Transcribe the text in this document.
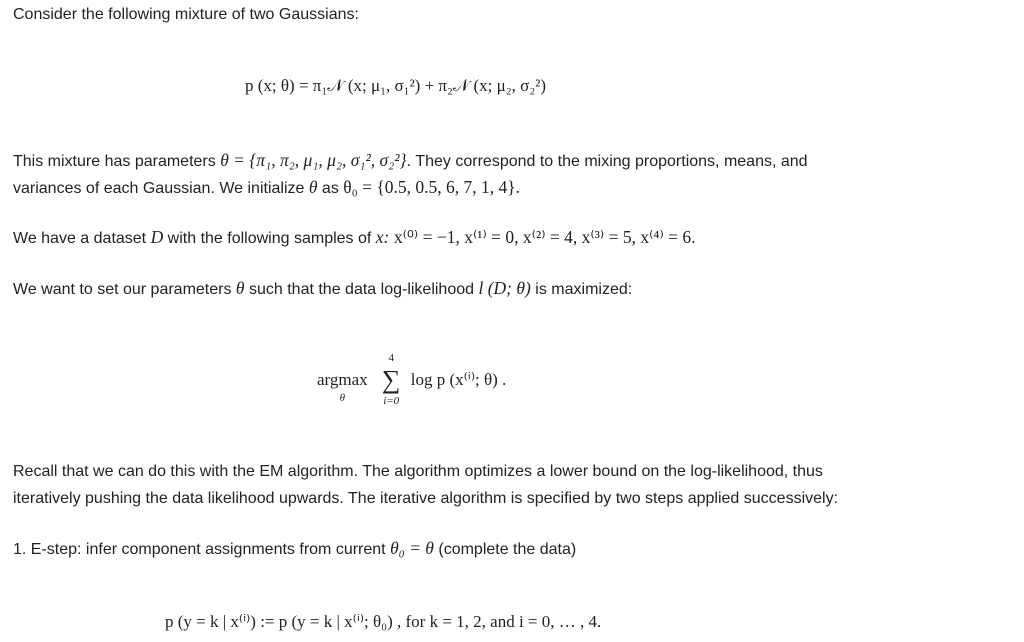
Consider the following mixture of two Gaussians:
p (x; θ) = π₁𝒩 (x; μ₁, σ₁²) + π₂𝒩 (x; μ₂, σ₂²)
This mixture has parameters θ = {π₁, π₂, μ₁, μ₂, σ₁², σ₂²}. They correspond to the mixing proportions, means, and
variances of each Gaussian. We initialize θ as θ₀ = {0.5, 0.5, 6, 7, 1, 4}.
We have a dataset D with the following samples of x: x⁽⁰⁾ = −1, x⁽¹⁾ = 0, x⁽²⁾ = 4, x⁽³⁾ = 5, x⁽⁴⁾ = 6.
We want to set our parameters θ such that the data log-likelihood l (D; θ) is maximized:
argmax
θ

4
∑
i=0
log p (x⁽ⁱ⁾; θ) .
Recall that we can do this with the EM algorithm. The algorithm optimizes a lower bound on the log-likelihood, thus
iteratively pushing the data likelihood upwards. The iterative algorithm is specified by two steps applied successively:
1. E-step: infer component assignments from current θ₀ = θ (complete the data)
p (y = k | x⁽ⁱ⁾) := p (y = k | x⁽ⁱ⁾; θ₀) , for k = 1, 2, and i = 0, … , 4.
